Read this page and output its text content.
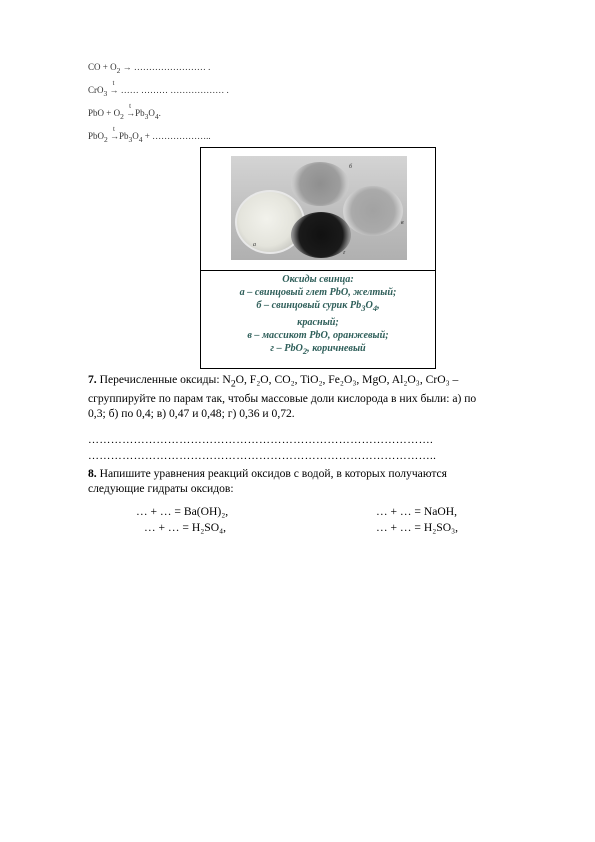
CO + $O_2$ → …………………… .
CrO$_3$
t
→ …… ……… ……………… .
PbO + $O_2$
t
$\to Pb_3O_4$.
PbO$_2$
t
$\to Pb_3O_4$ + ………………..
а
б
в
г
Оксиды свинца:
а – свинцовый глет PbO, желтый;
б – свинцовый сурик $Pb_3O_4$,
красный;
в – массикот PbO, оранжевый;
г – PbO$_2$, коричневый
7. Перечисленные оксиды: $N_2O$, F₂O, CO₂, TiO₂, Fe₂O₃, MgO, Al₂O₃, CrO₃ –
сгруппируйте по парам так, чтобы массовые доли кислорода в них были: а) по
0,3; б) по 0,4; в) 0,47 и 0,48; г) 0,36 и 0,72.
……………………………………………………………………………….
………………………………………………………………………………..
8. Напишите уравнения реакций оксидов с водой, в которых получаются
следующие гидраты оксидов:
… + … = Ba(OH)₂,	… + … = NaOH,
… + … = H₂SO₄,	… + … = H₂SO₃,
